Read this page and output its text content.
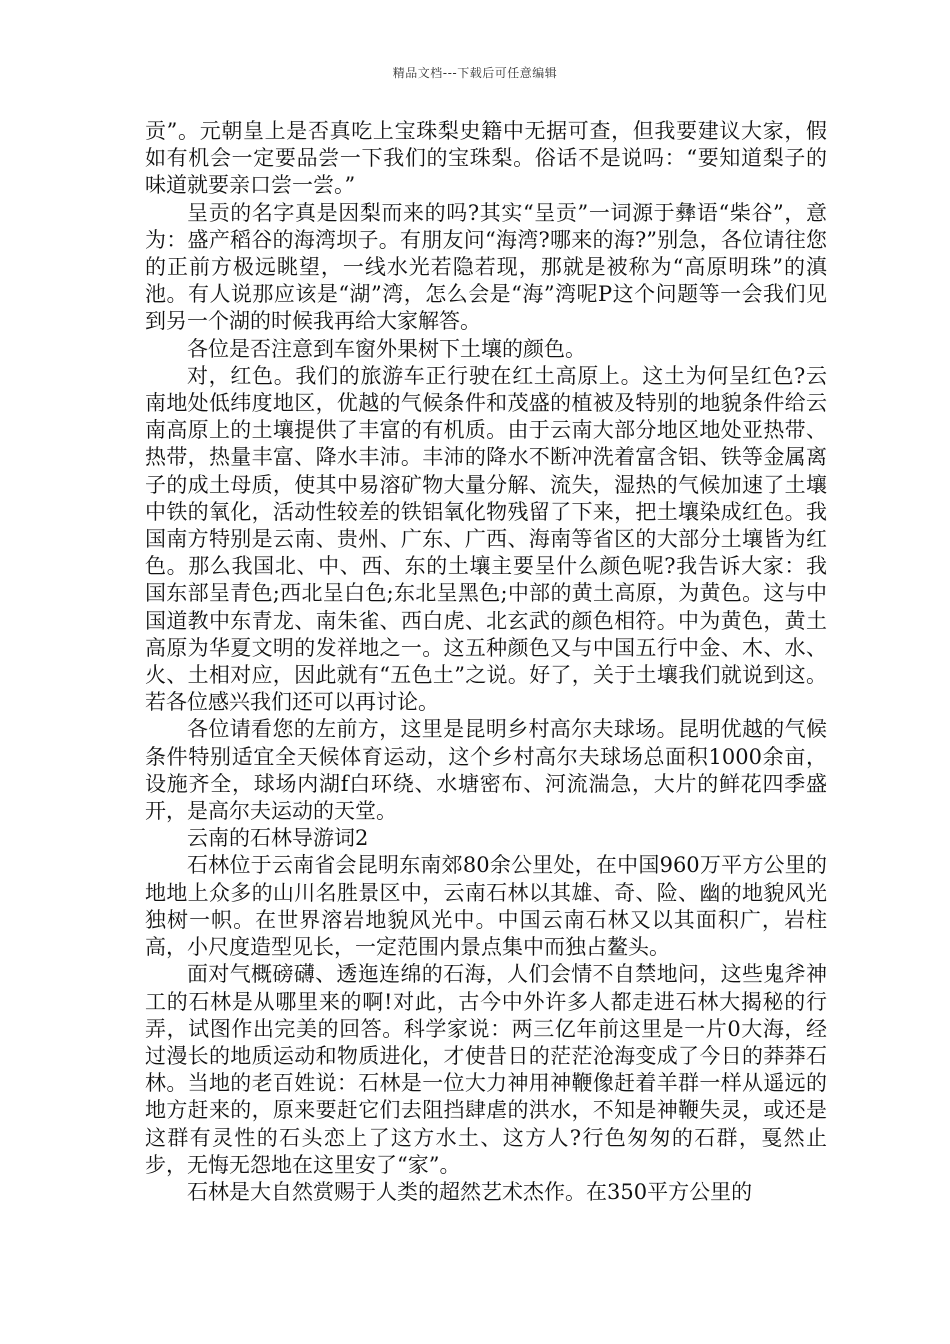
精品文档---下载后可任意编辑

贡”。元朝皇上是否真吃上宝珠梨史籍中无据可查，但我要建议大家，假如有机会一定要品尝一下我们的宝珠梨。俗话不是说吗：“要知道梨子的味道就要亲口尝一尝。”

呈贡的名字真是因梨而来的吗?其实“呈贡”一词源于彝语“柴谷”，意为：盛产稻谷的海湾坝子。有朋友问“海湾?哪来的海?”别急，各位请往您的正前方极远眺望，一线水光若隐若现，那就是被称为“高原明珠”的滇池。有人说那应该是“湖”湾，怎么会是“海”湾呢P这个问题等一会我们见到另一个湖的时候我再给大家解答。

各位是否注意到车窗外果树下土壤的颜色。

对，红色。我们的旅游车正行驶在红土高原上。这土为何呈红色?云南地处低纬度地区，优越的气候条件和茂盛的植被及特别的地貌条件给云南高原上的土壤提供了丰富的有机质。由于云南大部分地区地处亚热带、热带，热量丰富、降水丰沛。丰沛的降水不断冲洗着富含铝、铁等金属离子的成土母质，使其中易溶矿物大量分解、流失，湿热的气候加速了土壤中铁的氧化，活动性较差的铁铝氧化物残留了下来，把土壤染成红色。我国南方特别是云南、贵州、广东、广西、海南等省区的大部分土壤皆为红色。那么我国北、中、西、东的土壤主要呈什么颜色呢?我告诉大家：我国东部呈青色;西北呈白色;东北呈黑色;中部的黄土高原，为黄色。这与中国道教中东青龙、南朱雀、西白虎、北玄武的颜色相符。中为黄色，黄土高原为华夏文明的发祥地之一。这五种颜色又与中国五行中金、木、水、火、土相对应，因此就有“五色土”之说。好了，关于土壤我们就说到这。若各位感兴我们还可以再讨论。

各位请看您的左前方，这里是昆明乡村高尔夫球场。昆明优越的气候条件特别适宜全天候体育运动，这个乡村高尔夫球场总面积1000余亩，设施齐全，球场内湖f白环绕、水塘密布、河流湍急，大片的鲜花四季盛开，是高尔夫运动的天堂。

云南的石林导游词2

石林位于云南省会昆明东南郊80余公里处，在中国960万平方公里的地地上众多的山川名胜景区中，云南石林以其雄、奇、险、幽的地貌风光独树一帜。在世界溶岩地貌风光中。中国云南石林又以其面积广，岩柱高，小尺度造型见长，一定范围内景点集中而独占鳌头。

面对气概磅礴、透迤连绵的石海，人们会情不自禁地问，这些鬼斧神工的石林是从哪里来的啊!对此，古今中外许多人都走进石林大揭秘的行弄，试图作出完美的回答。科学家说：两三亿年前这里是一片0大海，经过漫长的地质运动和物质进化，才使昔日的茫茫沧海变成了今日的莽莽石林。当地的老百姓说：石林是一位大力神用神鞭像赶着羊群一样从遥远的地方赶来的，原来要赶它们去阻挡肆虐的洪水，不知是神鞭失灵，或还是这群有灵性的石头恋上了这方水土、这方人?行色匆匆的石群，戛然止步，无悔无怨地在这里安了“家”。

石林是大自然赏赐于人类的超然艺术杰作。在350平方公里的
